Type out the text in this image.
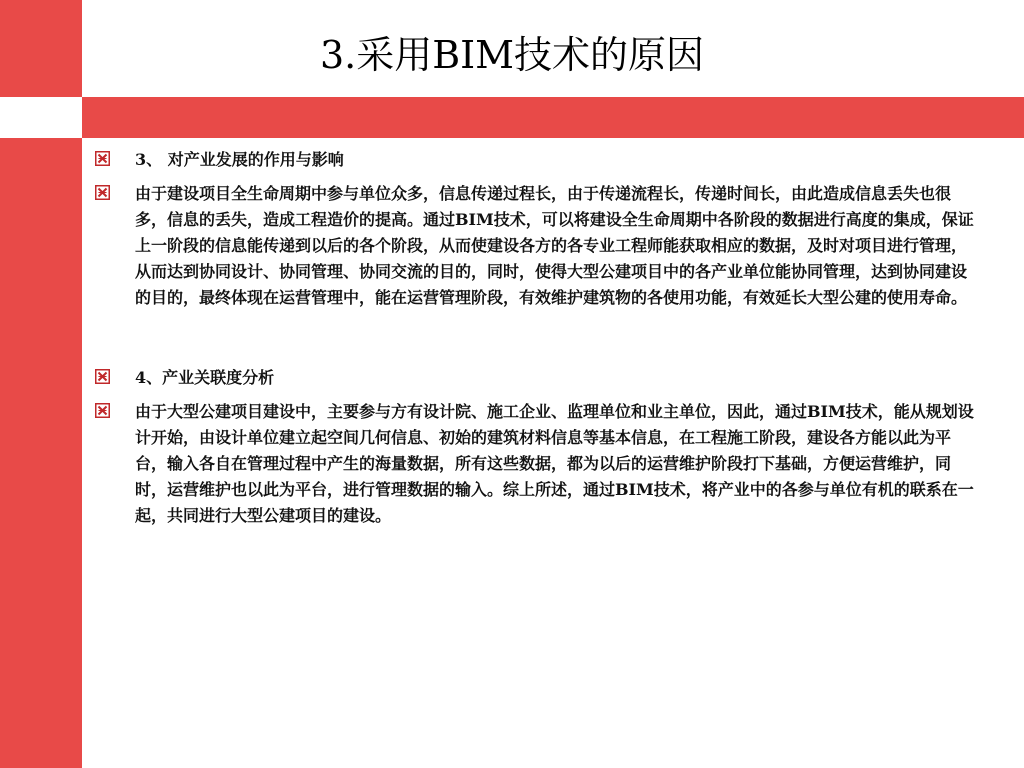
3.采用BIM技术的原因
3、 对产业发展的作用与影响
由于建设项目全生命周期中参与单位众多，信息传递过程长，由于传递流程长，传递时间长，由此造成信息丢失也很多，信息的丢失，造成工程造价的提高。通过BIM技术，可以将建设全生命周期中各阶段的数据进行高度的集成，保证上一阶段的信息能传递到以后的各个阶段，从而使建设各方的各专业工程师能获取相应的数据，及时对项目进行管理，从而达到协同设计、协同管理、协同交流的目的，同时，使得大型公建项目中的各产业单位能协同管理，达到协同建设的目的，最终体现在运营管理中，能在运营管理阶段，有效维护建筑物的各使用功能，有效延长大型公建的使用寿命。
4、产业关联度分析
由于大型公建项目建设中，主要参与方有设计院、施工企业、监理单位和业主单位，因此，通过BIM技术，能从规划设计开始，由设计单位建立起空间几何信息、初始的建筑材料信息等基本信息，在工程施工阶段，建设各方能以此为平台，输入各自在管理过程中产生的海量数据，所有这些数据，都为以后的运营维护阶段打下基础，方便运营维护，同时，运营维护也以此为平台，进行管理数据的输入。综上所述，通过BIM技术，将产业中的各参与单位有机的联系在一起，共同进行大型公建项目的建设。
